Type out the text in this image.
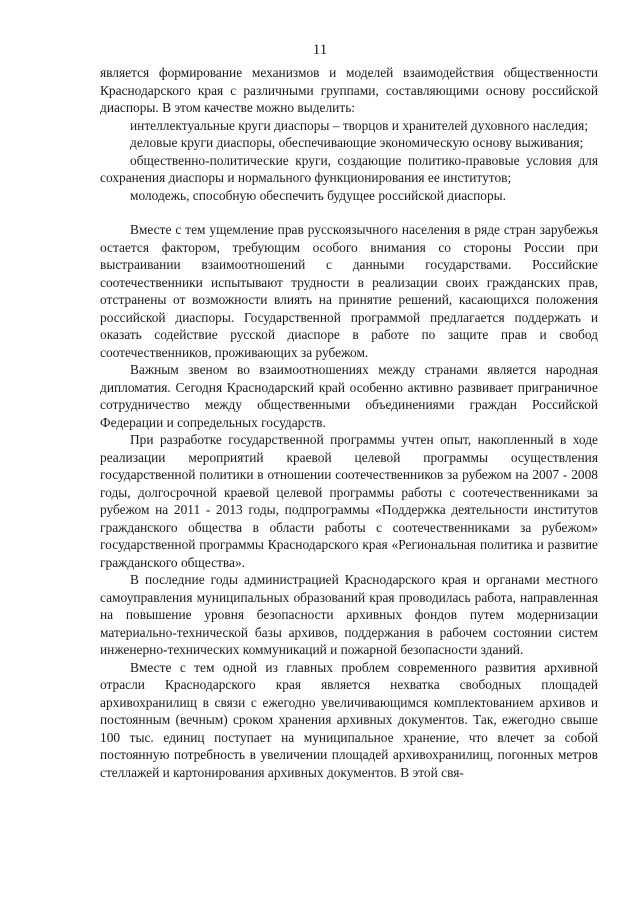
11

является формирование механизмов и моделей взаимодействия общественности Краснодарского края с различными группами, составляющими основу российской диаспоры. В этом качестве можно выделить:

интеллектуальные круги диаспоры – творцов и хранителей духовного наследия;

деловые круги диаспоры, обеспечивающие экономическую основу выживания;

общественно-политические круги, создающие политико-правовые условия для сохранения диаспоры и нормального функционирования ее институтов;

молодежь, способную обеспечить будущее российской диаспоры.

Вместе с тем ущемление прав русскоязычного населения в ряде стран зарубежья остается фактором, требующим особого внимания со стороны России при выстраивании взаимоотношений с данными государствами. Российские соотечественники испытывают трудности в реализации своих гражданских прав, отстранены от возможности влиять на принятие решений, касающихся положения российской диаспоры. Государственной программой предлагается поддержать и оказать содействие русской диаспоре в работе по защите прав и свобод соотечественников, проживающих за рубежом.

Важным звеном во взаимоотношениях между странами является народная дипломатия. Сегодня Краснодарский край особенно активно развивает приграничное сотрудничество между общественными объединениями граждан Российской Федерации и сопредельных государств.

При разработке государственной программы учтен опыт, накопленный в ходе реализации мероприятий краевой целевой программы осуществления государственной политики в отношении соотечественников за рубежом на 2007 - 2008 годы, долгосрочной краевой целевой программы работы с соотечественниками за рубежом на 2011 - 2013 годы, подпрограммы «Поддержка деятельности институтов гражданского общества в области работы с соотечественниками за рубежом» государственной программы Краснодарского края «Региональная политика и развитие гражданского общества».

В последние годы администрацией Краснодарского края и органами местного самоуправления муниципальных образований края проводилась работа, направленная на повышение уровня безопасности архивных фондов путем модернизации материально-технической базы архивов, поддержания в рабочем состоянии систем инженерно-технических коммуникаций и пожарной безопасности зданий.

Вместе с тем одной из главных проблем современного развития архивной отрасли Краснодарского края является нехватка свободных площадей архивохранилищ в связи с ежегодно увеличивающимся комплектованием архивов и постоянным (вечным) сроком хранения архивных документов. Так, ежегодно свыше 100 тыс. единиц поступает на муниципальное хранение, что влечет за собой постоянную потребность в увеличении площадей архивохранилищ, погонных метров стеллажей и картонирования архивных документов. В этой свя-
